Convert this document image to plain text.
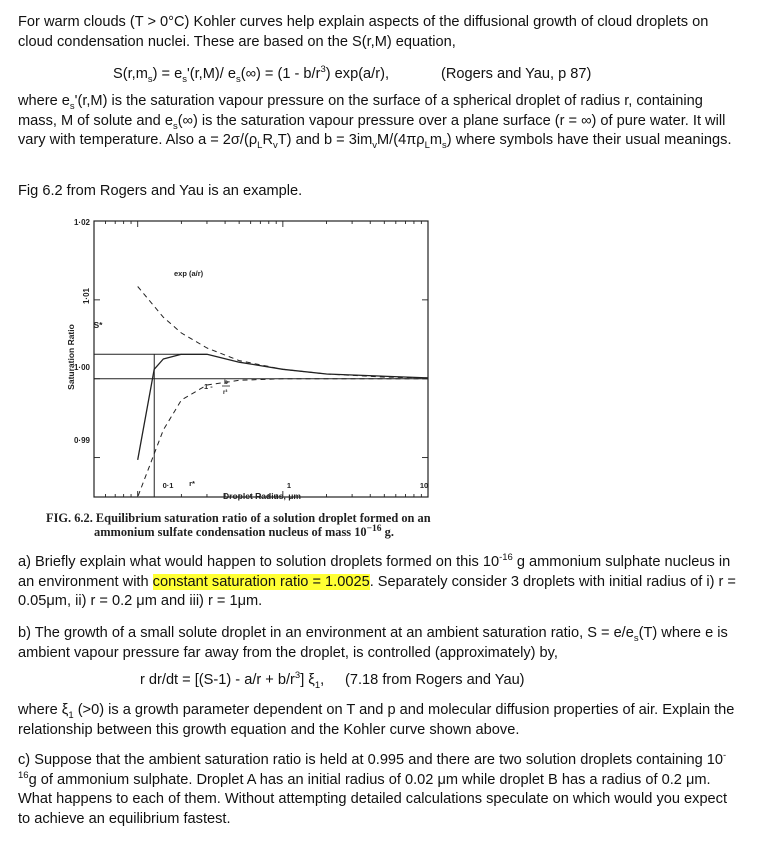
For warm clouds (T > 0°C) Kohler curves help explain aspects of the diffusional growth of cloud droplets on cloud condensation nuclei. These are based on the S(r,M) equation,

$S(r,m_s) = e_s'(r,M)/$ $e_s(\infty) = (1 - b/r^3)$ exp(a/r),	(Rogers and Yau, p 87)

where $e_s'(r,M)$ is the saturation vapour pressure on the surface of a spherical droplet of radius r, containing mass, M of solute and $e_s(\infty)$ is the saturation vapour pressure over a plane surface (r = ∞) of pure water. It will vary with temperature. Also $a = 2\sigma/(\rho_LR_vT)$ and $b = 3im_vM/(4\pi\rho_Lm_s)$ where symbols have their usual meanings.

Fig 6.2 from Rogers and Yau is an example.

1·02
1·01
1·00
0·99
S*
Saturation Ratio
0·1 r*	1	10
Droplet Radius, μm
exp (a/r)
1 - b
r³
FIG. 6.2. Equilibrium saturation ratio of a solution droplet formed on an
ammonium sulfate condensation nucleus of mass $10^{-16}$ g.

a) Briefly explain what would happen to solution droplets formed on this $10^{-16}$ g ammonium sulphate nucleus in an environment with constant saturation ratio = 1.0025. Separately consider 3 droplets with initial radius of i) r = 0.05μm, ii) r = 0.2 μm and iii) r = 1μm.

b) The growth of a small solute droplet in an environment at an ambient saturation ratio, $S = e/e_s(T)$ where e is ambient vapour pressure far away from the droplet, is controlled (approximately) by,

r $dr/dt = [(S-1) - a/r + b/r^3]$ $\xi_1$, (7.18 from Rogers and Yau)

where $\xi_1$ (>0) is a growth parameter dependent on T and p and molecular diffusion properties of air. Explain the relationship between this growth equation and the Kohler curve shown above.

c) Suppose that the ambient saturation ratio is held at 0.995 and there are two solution droplets containing $10^{-16}g$ of ammonium sulphate. Droplet A has an initial radius of 0.02 μm while droplet B has a radius of 0.2 μm. What happens to each of them. Without attempting detailed calculations speculate on which would you expect to achieve an equilibrium fastest.
